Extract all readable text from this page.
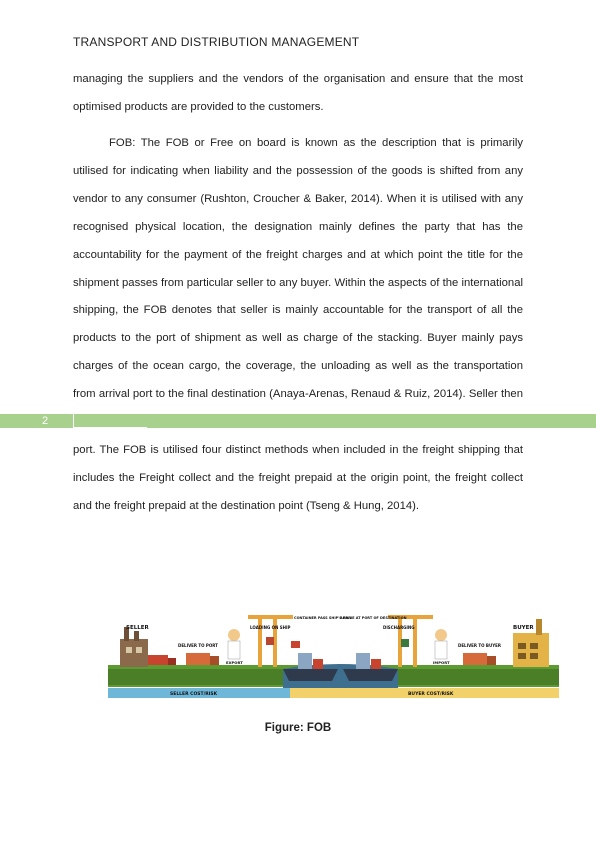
TRANSPORT AND DISTRIBUTION MANAGEMENT

managing the suppliers and the vendors of the organisation and ensure that the most optimised products are provided to the customers.

FOB: The FOB or Free on board is known as the description that is primarily utilised for indicating when liability and the possession of the goods is shifted from any vendor to any consumer (Rushton, Croucher & Baker, 2014). When it is utilised with any recognised physical location, the designation mainly defines the party that has the accountability for the payment of the freight charges and at which point the title for the shipment passes from particular seller to any buyer. Within the aspects of the international shipping, the FOB denotes that seller is mainly accountable for the transport of all the products to the port of shipment as well as charge of the stacking. Buyer mainly pays charges of the ocean cargo, the coverage, the unloading as well as the transportation from arrival port to the final destination (Anaya-Arenas, Renaud & Ruiz, 2014). Seller then port. The FOB is utilised four distinct methods when included in the freight shipping that includes the Freight collect and the freight prepaid at the origin point, the freight collect and the freight prepaid at the destination point (Tseng & Hung, 2014).

2
SELLER
DELIVER TO PORT
EXPORT
LOADING ON SHIP
CONTAINER PASS SHIP'S RAIL
ARRIVE AT PORT OF DESTINATION
DISCHARGING
IMPORT
DELIVER TO BUYER
BUYER
SELLER COST/RISK	BUYER COST/RISK
Figure: FOB
